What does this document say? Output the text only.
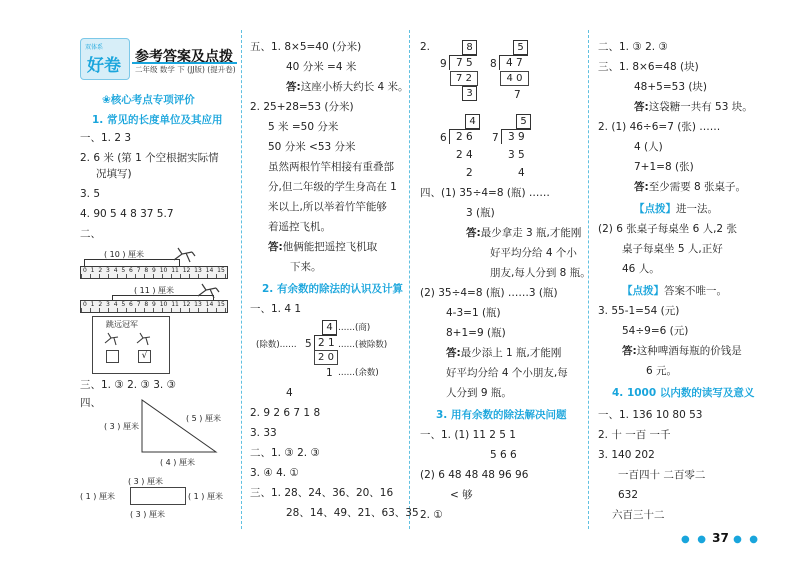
双体系
好卷 参考答案及点拨
二年级 数学 下 (JJ版) (提升卷)
❀核心考点专项评价
1. 常见的长度单位及其应用
一、1. 2 3
2. 6 米 (第 1 个空根据实际情
况填写)
3. 5
4. 90 5 4 8 37 5.7
二、
( 10 ) 厘米
0 1 2 3 4 5 6 7 8 9 10 11 12 13 14 15
( 11 ) 厘米
0 1 2 3 4 5 6 7 8 9 10 11 12 13 14 15
跳远冠军
√
三、1. ③ 2. ③ 3. ③
四、
( 3 ) 厘米
( 5 ) 厘米
( 4 ) 厘米
( 3 ) 厘米
( 1 ) 厘米	( 1 ) 厘米
( 3 ) 厘米
五、1. 8×5=40 (分米)
40 分米 =4 米
答:这座小桥大约长 4 米。
2. 25+28=53 (分米)
5 米 =50 分米
50 分米 <53 分米
虽然两根竹竿相接有重叠部
分,但二年级的学生身高在 1
米以上,所以举着竹竿能够
着遥控飞机。
答:他俩能把遥控飞机取
下来。
2. 有余数的除法的认识及计算
一、1. 4 1
4 ……(商)
(除数)…… 5 2 1 ……(被除数)
2 0
1 ……(余数)
4
2. 9 2 6 7 1 8
3. 33
二、1. ③ 2. ③
3. ④ 4. ①
三、1. 28、24、36、20、16
28、14、49、21、63、35
2.	8
9 7 5
7 2
3
5
8 4 7
4 0
7
4
6 2 6
2 4
2
5
7 3 9
3 5
4
四、(1) 35÷4=8 (瓶) ……
3 (瓶)
答:最少拿走 3 瓶,才能刚
好平均分给 4 个小
朋友,每人分到 8 瓶。
(2) 35÷4=8 (瓶) ……3 (瓶)
4-3=1 (瓶)
8+1=9 (瓶)
答:最少添上 1 瓶,才能刚
好平均分给 4 个小朋友,每
人分到 9 瓶。
3. 用有余数的除法解决问题
一、1. (1) 11 2 5 1
5 6 6
(2) 6 48 48 48 96 96
< 够
2. ①
二、1. ③ 2. ③
三、1. 8×6=48 (块)
48+5=53 (块)
答:这袋糖一共有 53 块。
2. (1) 46÷6=7 (张) ……
4 (人)
7+1=8 (张)
答:至少需要 8 张桌子。
【点拨】进一法。
(2) 6 张桌子每桌坐 6 人,2 张
桌子每桌坐 5 人,正好
46 人。
【点拨】答案不唯一。
3. 55-1=54 (元)
54÷9=6 (元)
答:这种啤酒每瓶的价钱是
6 元。
4. 1000 以内数的读写及意义
一、1. 136 10 80 53
2. 十 一百 一千
3. 140 202
一百四十 二百零二
632
六百三十二
● ● 37 ● ●
